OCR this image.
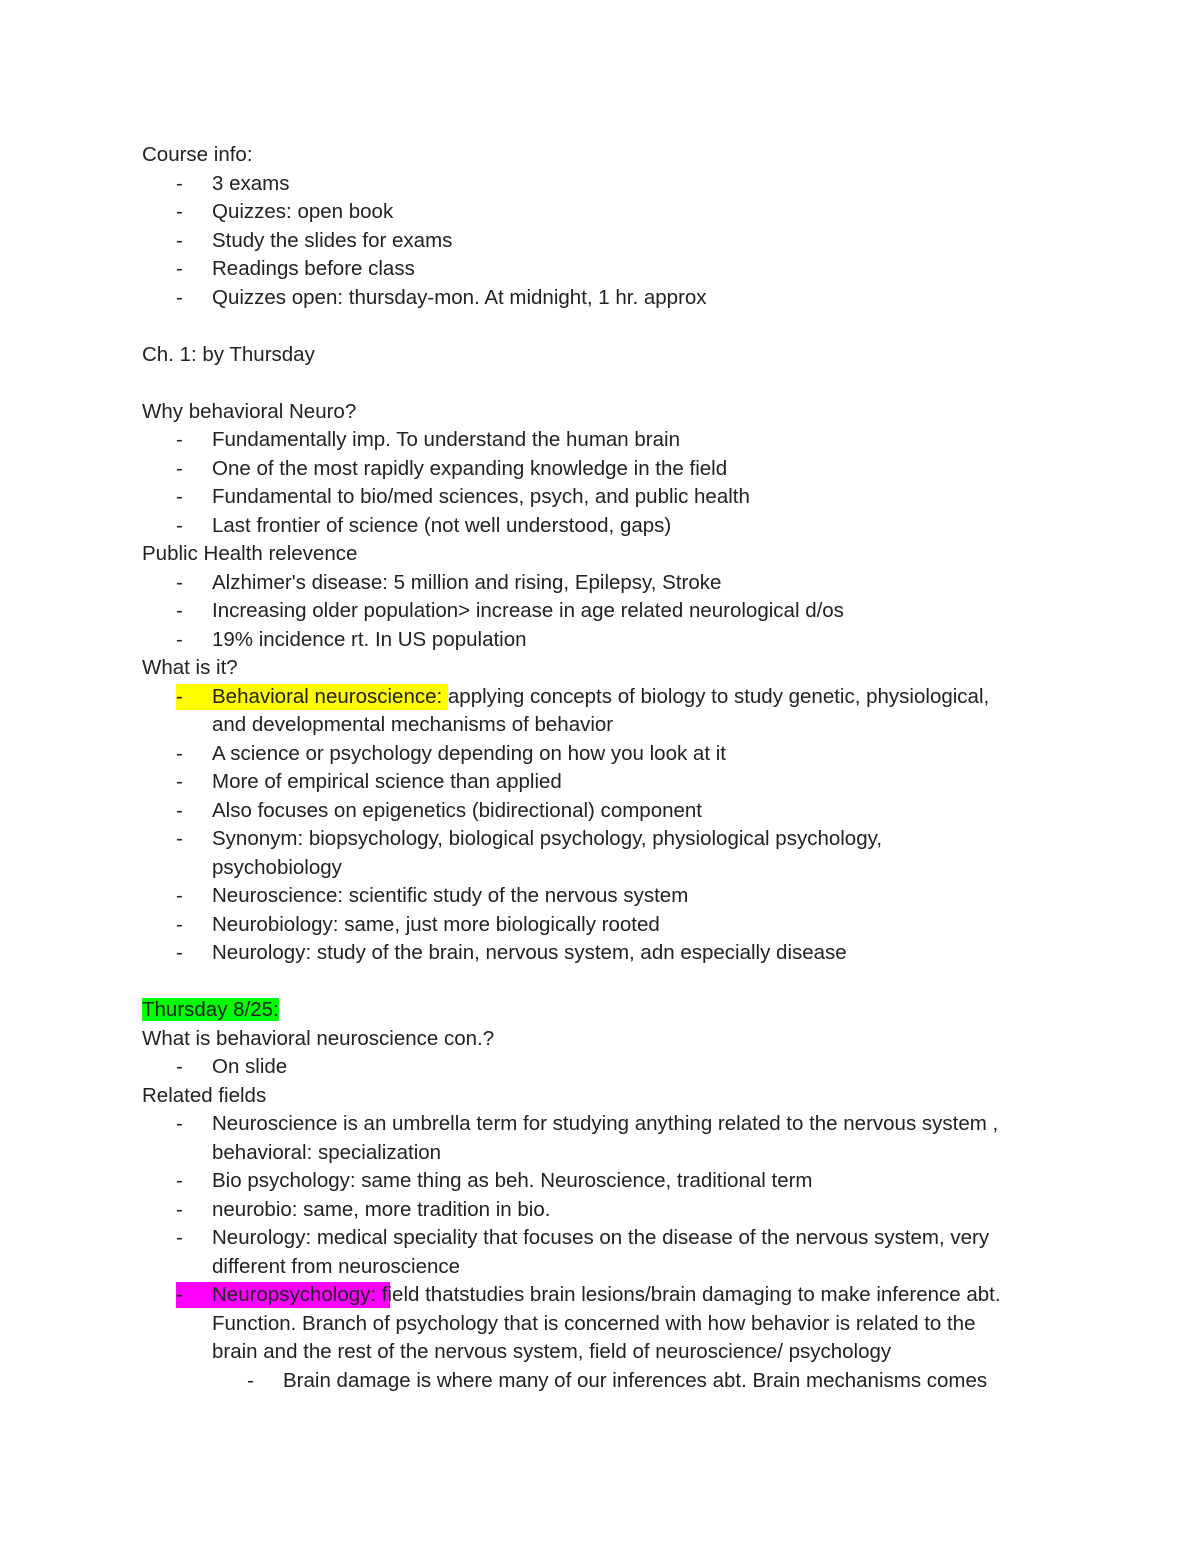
Course info:
- 3 exams
- Quizzes: open book
- Study the slides for exams
- Readings before class
- Quizzes open: thursday-mon. At midnight, 1 hr. approx
Ch. 1: by Thursday
Why behavioral Neuro?
- Fundamentally imp. To understand the human brain
- One of the most rapidly expanding knowledge in the field
- Fundamental to bio/med sciences, psych, and public health
- Last frontier of science (not well understood, gaps)
Public Health relevence
- Alzhimer's disease: 5 million and rising, Epilepsy, Stroke
- Increasing older population> increase in age related neurological d/os
- 19% incidence rt. In US population
What is it?
- Behavioral neuroscience: applying concepts of biology to study genetic, physiological,
and developmental mechanisms of behavior
- A science or psychology depending on how you look at it
- More of empirical science than applied
- Also focuses on epigenetics (bidirectional) component
- Synonym: biopsychology, biological psychology, physiological psychology,
psychobiology
- Neuroscience: scientific study of the nervous system
- Neurobiology: same, just more biologically rooted
- Neurology: study of the brain, nervous system, adn especially disease
Thursday 8/25:
What is behavioral neuroscience con.?
- On slide
Related fields
- Neuroscience is an umbrella term for studying anything related to the nervous system ,
behavioral: specialization
- Bio psychology: same thing as beh. Neuroscience, traditional term
- neurobio: same, more tradition in bio.
- Neurology: medical speciality that focuses on the disease of the nervous system, very
different from neuroscience
- Neuropsychology: field thatstudies brain lesions/brain damaging to make inference abt.
Function. Branch of psychology that is concerned with how behavior is related to the
brain and the rest of the nervous system, field of neuroscience/ psychology
- Brain damage is where many of our inferences abt. Brain mechanisms comes
